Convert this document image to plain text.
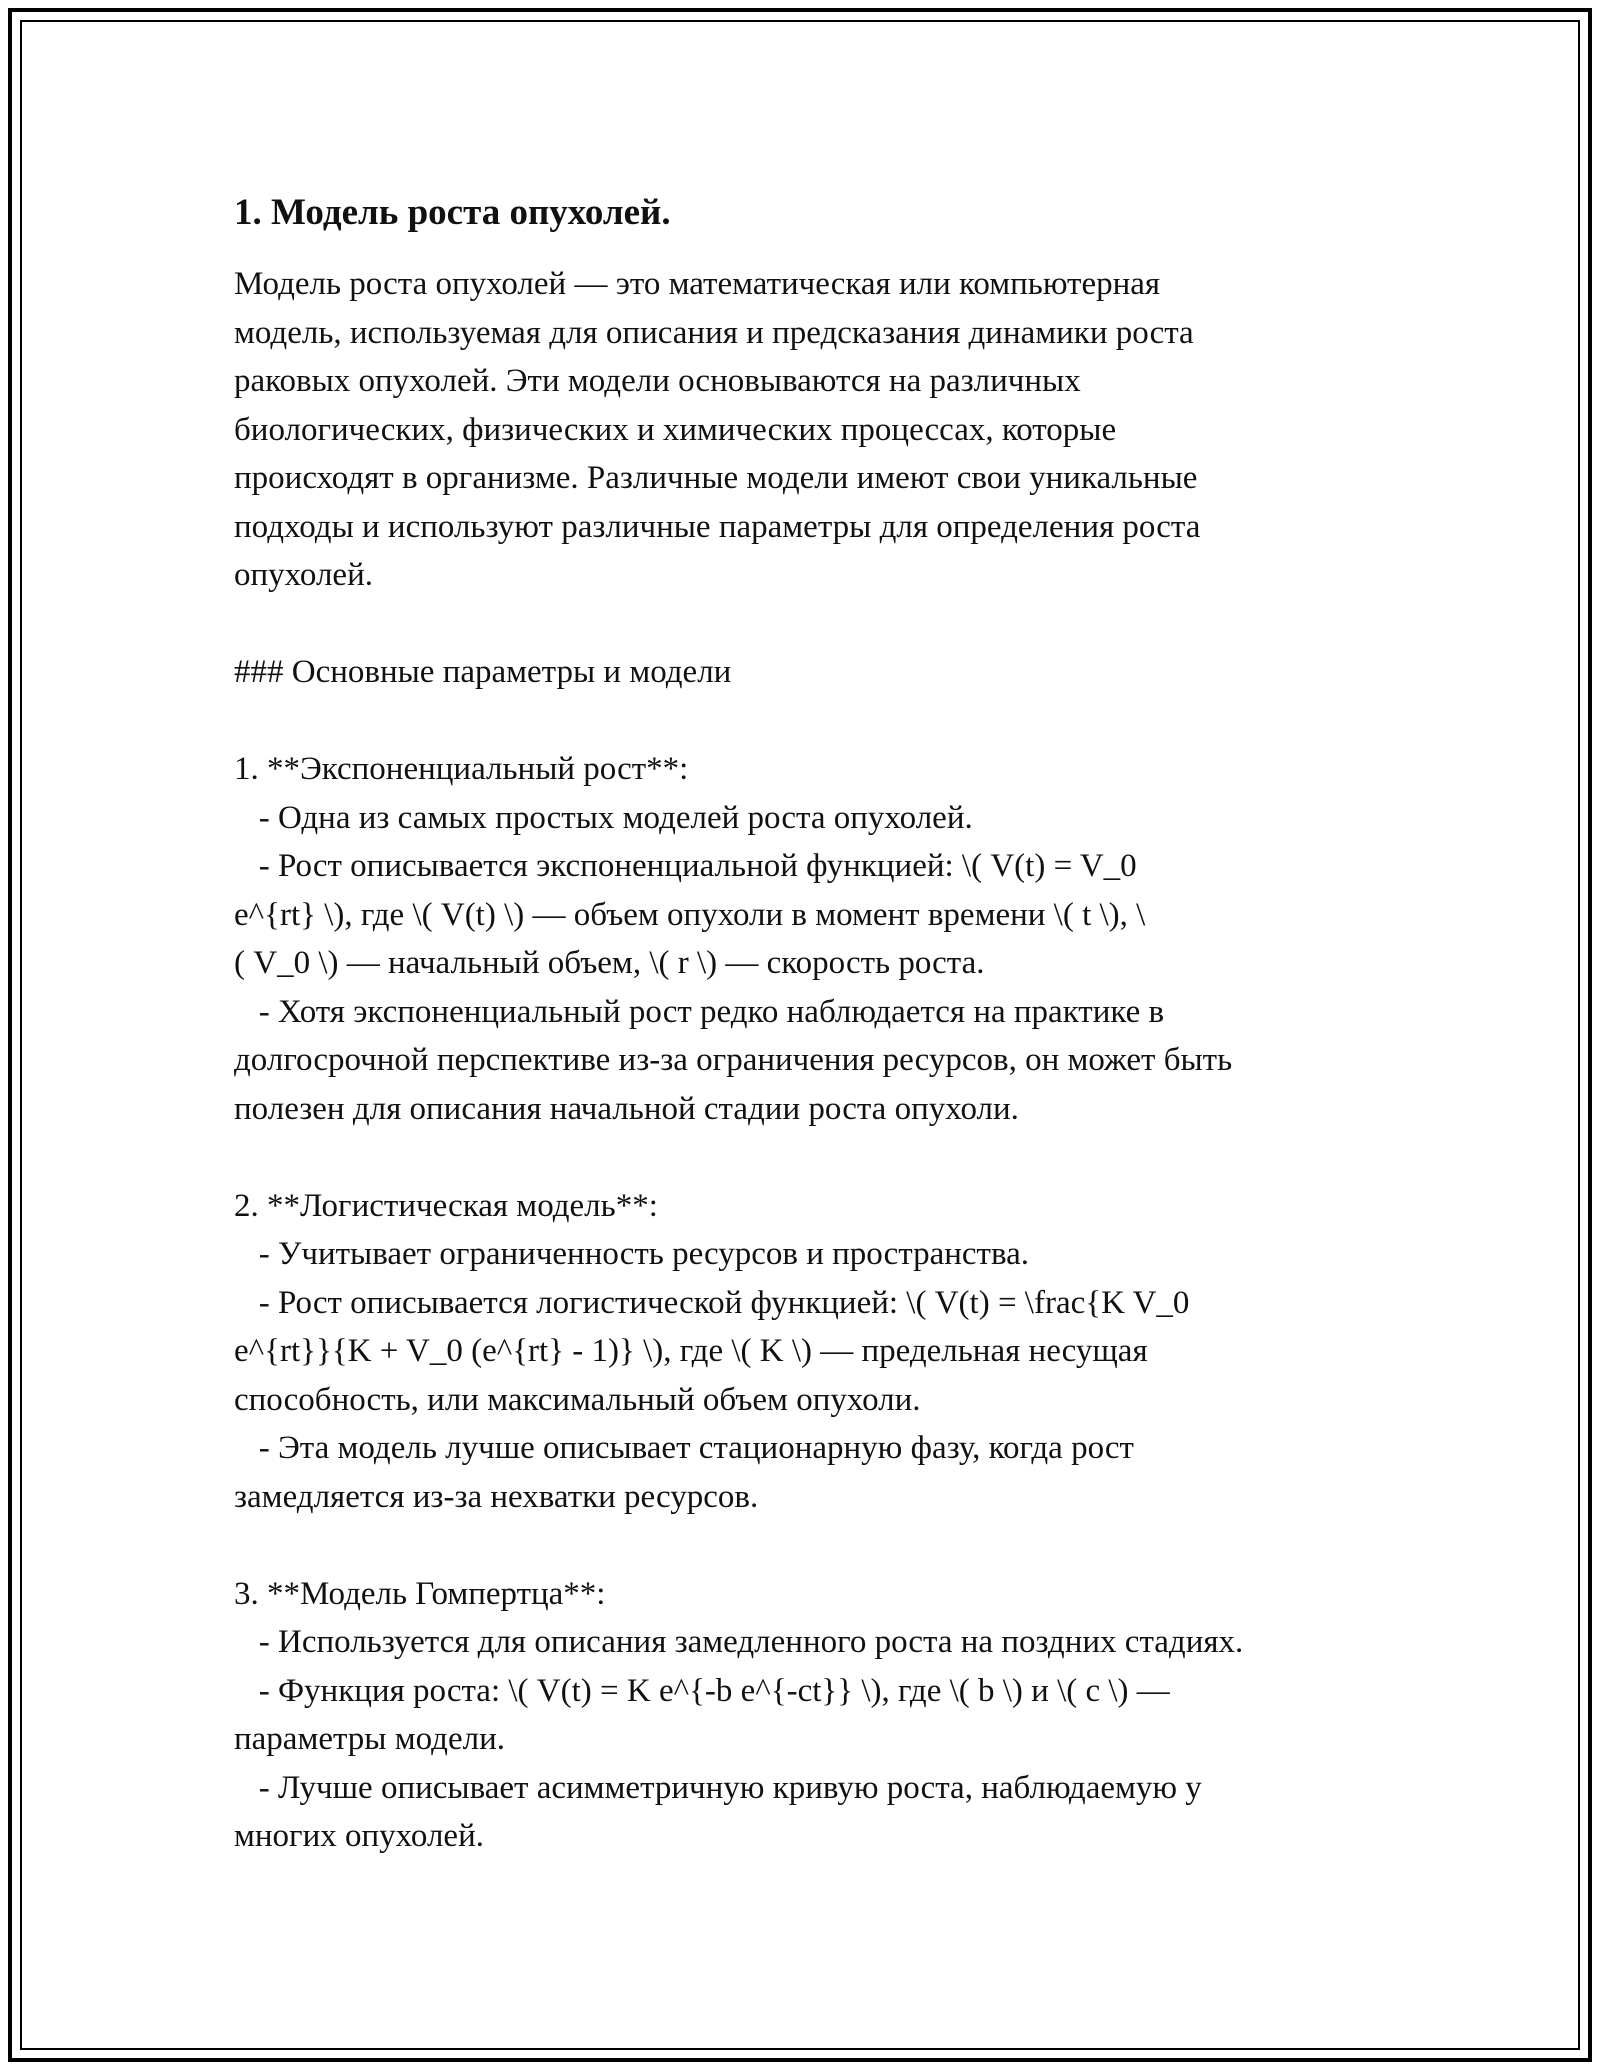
1. Модель роста опухолей.

Модель роста опухолей — это математическая или компьютерная
модель, используемая для описания и предсказания динамики роста
раковых опухолей. Эти модели основываются на различных
биологических, физических и химических процессах, которые
происходят в организме. Различные модели имеют свои уникальные
подходы и используют различные параметры для определения роста
опухолей.

### Основные параметры и модели

1. **Экспоненциальный рост**:
- Одна из самых простых моделей роста опухолей.
- Рост описывается экспоненциальной функцией: \( V(t) = V_0
e^{rt} \), где \( V(t) \) — объем опухоли в момент времени \( t \), \
( V_0 \) — начальный объем, \( r \) — скорость роста.
- Хотя экспоненциальный рост редко наблюдается на практике в
долгосрочной перспективе из-за ограничения ресурсов, он может быть
полезен для описания начальной стадии роста опухоли.

2. **Логистическая модель**:
- Учитывает ограниченность ресурсов и пространства.
- Рост описывается логистической функцией: \( V(t) = \frac{K V_0
e^{rt}}{K + V_0 (e^{rt} - 1)} \), где \( K \) — предельная несущая
способность, или максимальный объем опухоли.
- Эта модель лучше описывает стационарную фазу, когда рост
замедляется из-за нехватки ресурсов.

3. **Модель Гомпертца**:
- Используется для описания замедленного роста на поздних стадиях.
- Функция роста: \( V(t) = K e^{-b e^{-ct}} \), где \( b \) и \( c \) —
параметры модели.
- Лучше описывает асимметричную кривую роста, наблюдаемую у
многих опухолей.
